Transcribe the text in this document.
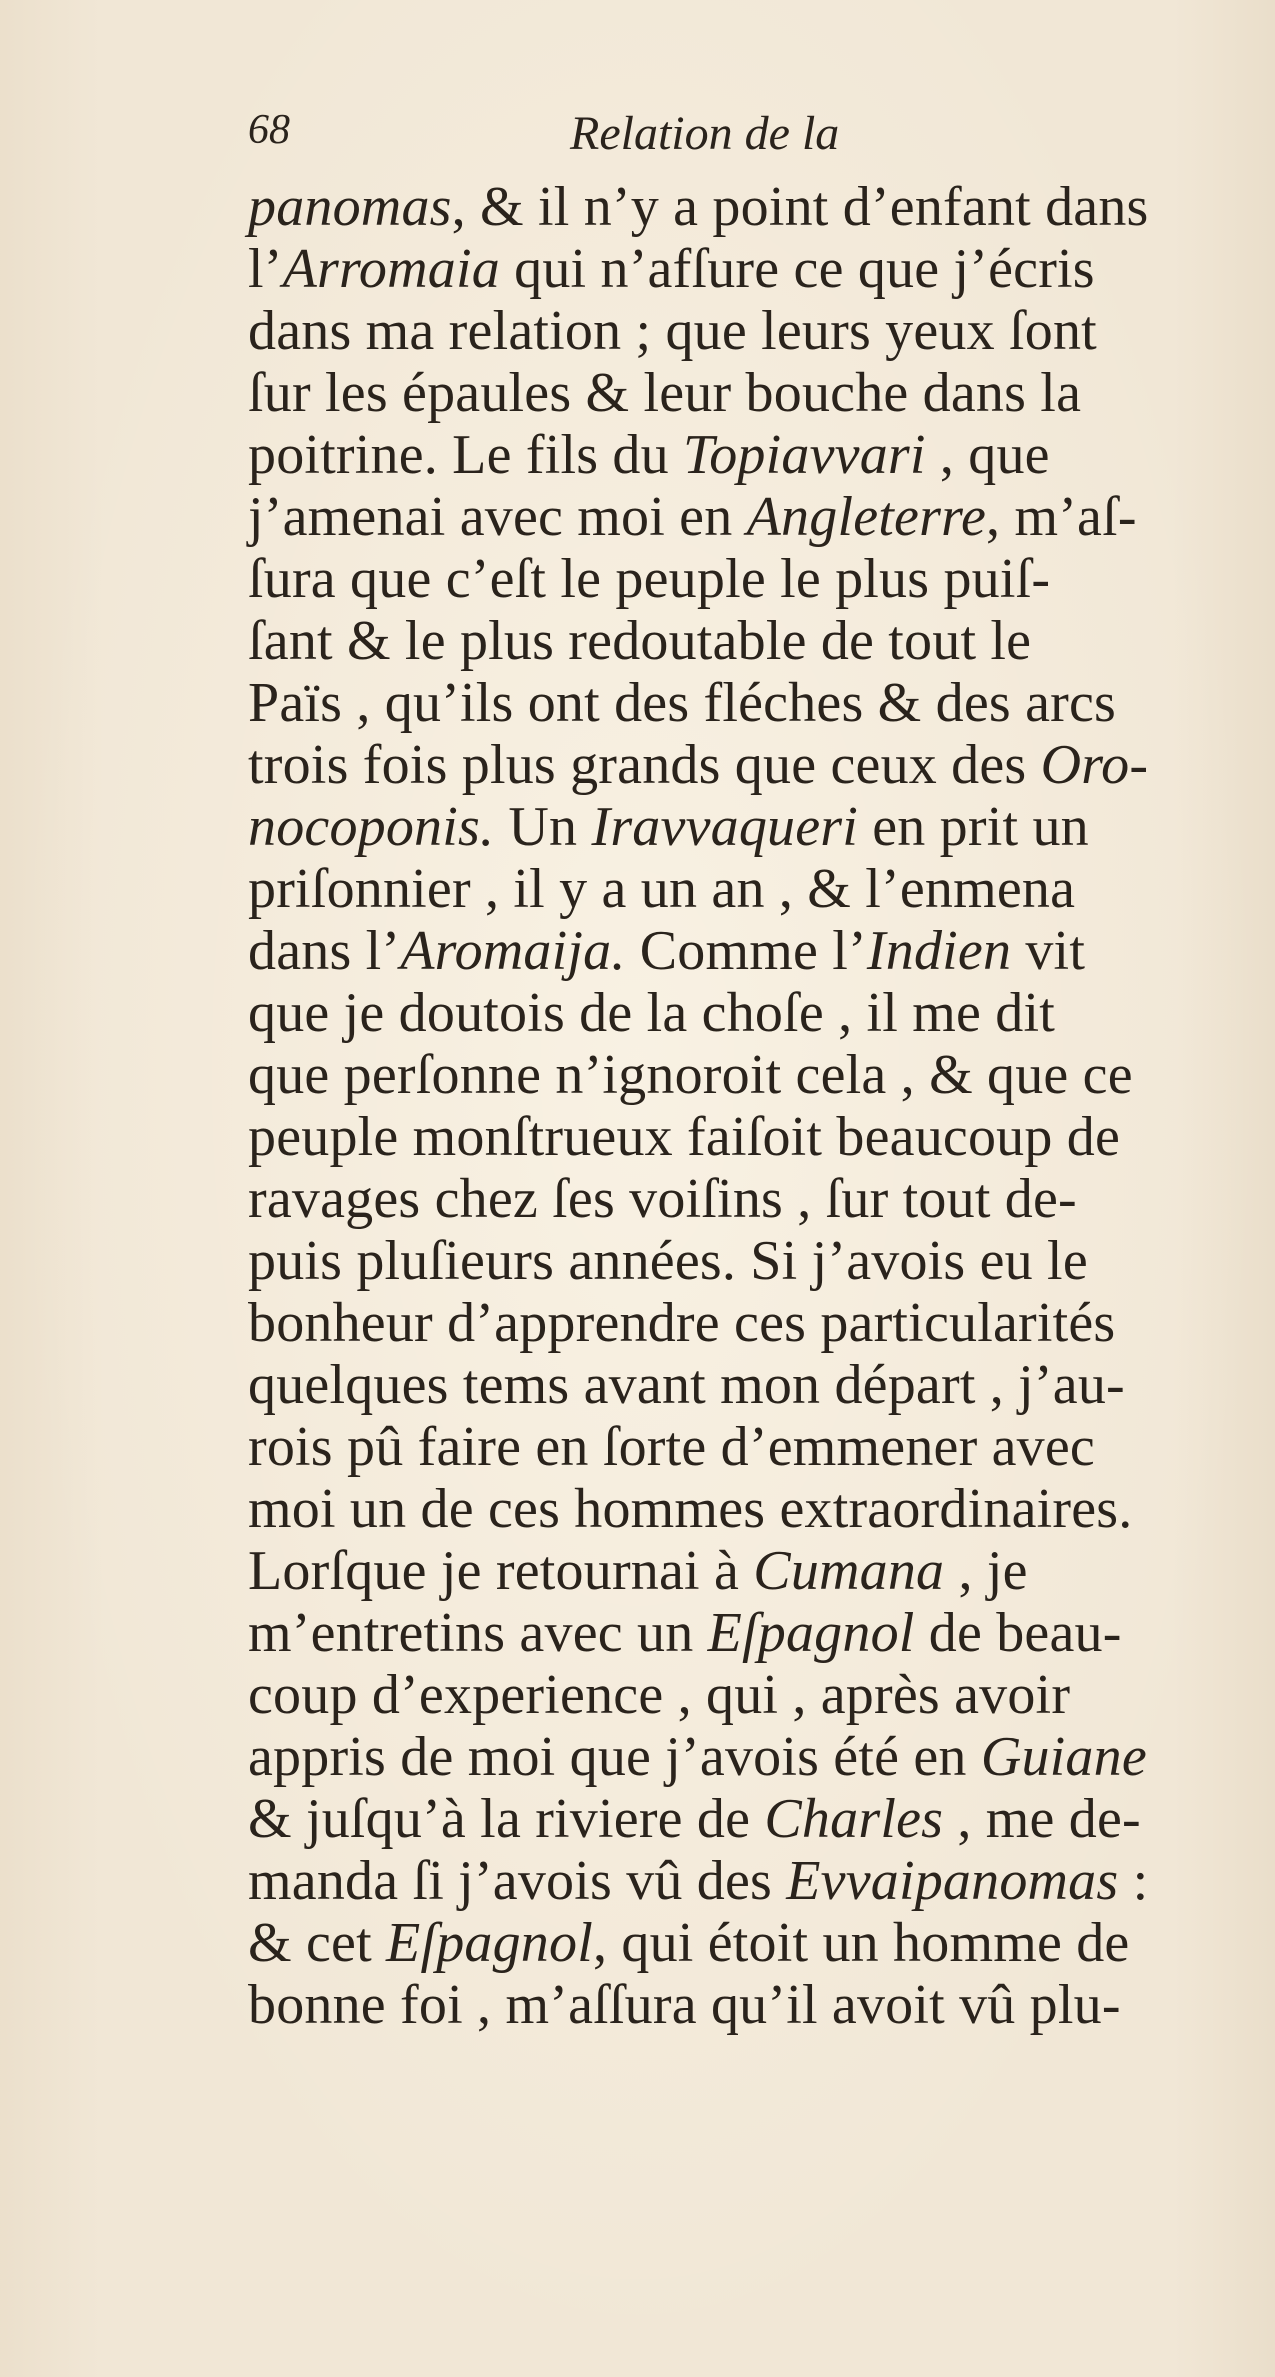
68	Relation de la
panomas, & il n’y a point d’enfant dans
l’Arromaia qui n’afſure ce que j’écris
dans ma relation ; que leurs yeux ſont
ſur les épaules & leur bouche dans la
poitrine. Le fils du Topiavvari , que
j’amenai avec moi en Angleterre, m’aſ-
ſura que c’eſt le peuple le plus puiſ-
ſant & le plus redoutable de tout le
Païs , qu’ils ont des fléches & des arcs
trois fois plus grands que ceux des Oro-
nocoponis. Un Iravvaqueri en prit un
priſonnier , il y a un an , & l’enmena
dans l’Aromaija. Comme l’Indien vit
que je doutois de la choſe , il me dit
que perſonne n’ignoroit cela , & que ce
peuple monſtrueux faiſoit beaucoup de
ravages chez ſes voiſins , ſur tout de-
puis pluſieurs années. Si j’avois eu le
bonheur d’apprendre ces particularités
quelques tems avant mon départ , j’au-
rois pû faire en ſorte d’emmener avec
moi un de ces hommes extraordinaires.
Lorſque je retournai à Cumana , je
m’entretins avec un Eſpagnol de beau-
coup d’experience , qui , après avoir
appris de moi que j’avois été en Guiane
& juſqu’à la riviere de Charles , me de-
manda ſi j’avois vû des Evvaipanomas :
& cet Eſpagnol, qui étoit un homme de
bonne foi , m’aſſura qu’il avoit vû plu-
